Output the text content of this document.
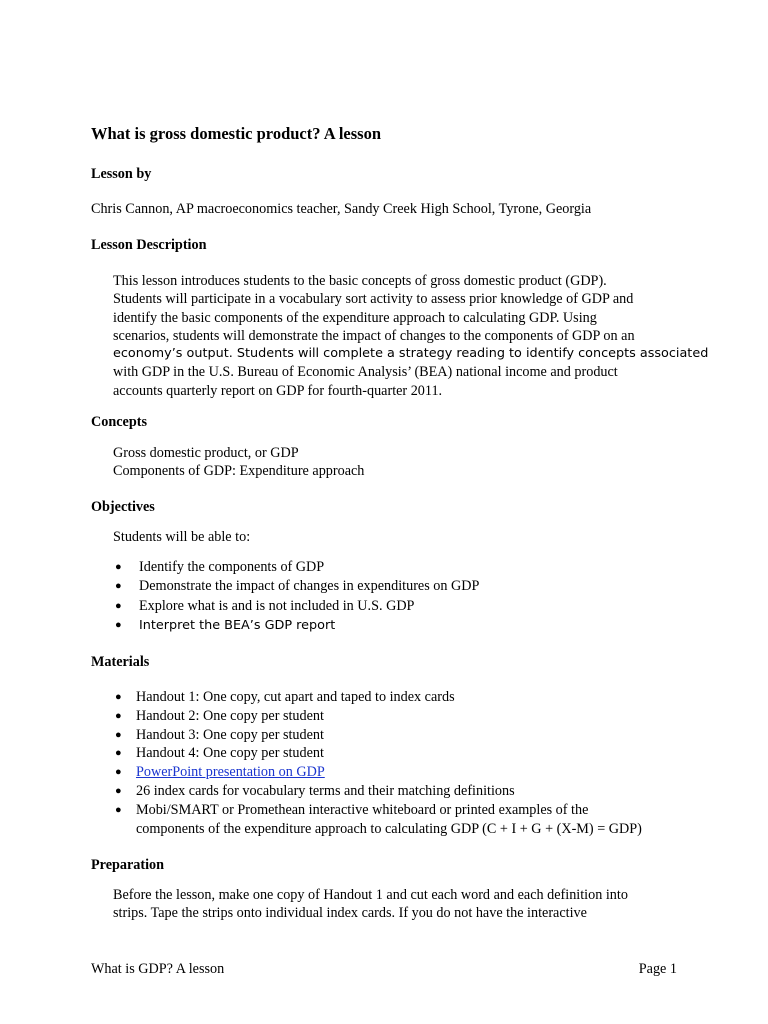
What is gross domestic product? A lesson

Lesson by

Chris Cannon, AP macroeconomics teacher, Sandy Creek High School, Tyrone, Georgia

Lesson Description
This lesson introduces students to the basic concepts of gross domestic product (GDP).
Students will participate in a vocabulary sort activity to assess prior knowledge of GDP and
identify the basic components of the expenditure approach to calculating GDP. Using
scenarios, students will demonstrate the impact of changes to the components of GDP on an
economy’s output. Students will complete a strategy reading to identify concepts associated
with GDP in the U.S. Bureau of Economic Analysis’ (BEA) national income and product
accounts quarterly report on GDP for fourth-quarter 2011.
Concepts
Gross domestic product, or GDP
Components of GDP: Expenditure approach
Objectives

Students will be able to:

● Identify the components of GDP
● Demonstrate the impact of changes in expenditures on GDP
● Explore what is and is not included in U.S. GDP
● Interpret the BEA’s GDP report
Materials
● Handout 1: One copy, cut apart and taped to index cards
● Handout 2: One copy per student
● Handout 3: One copy per student
● Handout 4: One copy per student
● PowerPoint presentation on GDP
● 26 index cards for vocabulary terms and their matching definitions
● Mobi/SMART or Promethean interactive whiteboard or printed examples of the
components of the expenditure approach to calculating GDP (C + I + G + (X-M) = GDP)
Preparation
Before the lesson, make one copy of Handout 1 and cut each word and each definition into
strips. Tape the strips onto individual index cards. If you do not have the interactive

What is GDP? A lesson	Page 1
